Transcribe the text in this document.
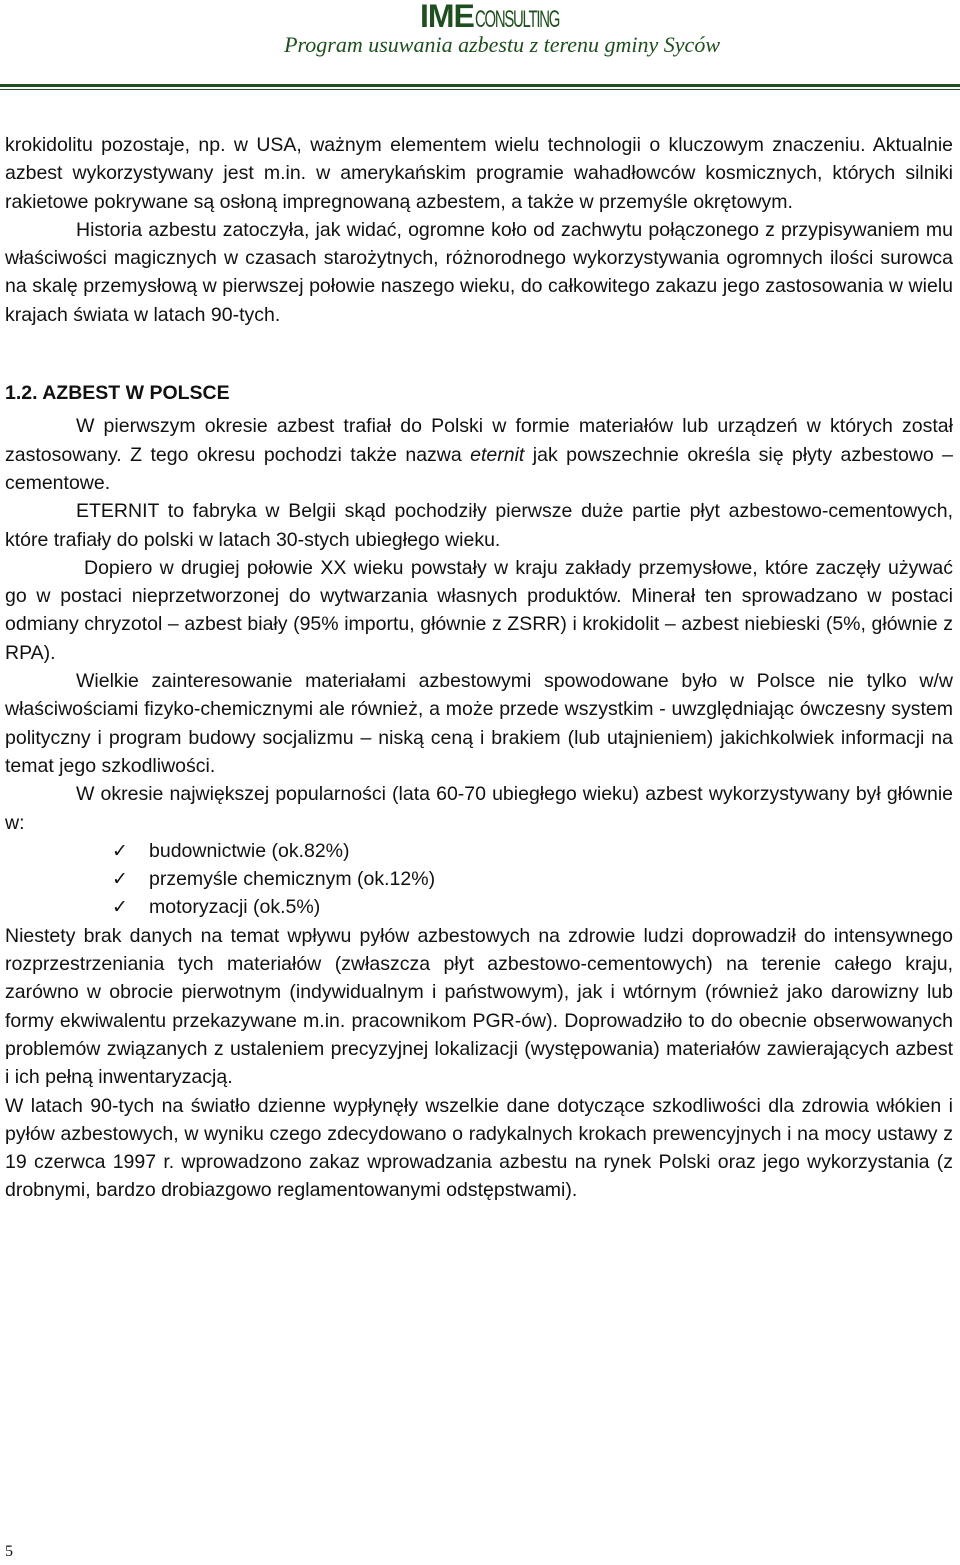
IMECONSULTING
Program usuwania azbestu z terenu gminy Syców

krokidolitu pozostaje, np. w USA, ważnym elementem wielu technologii o kluczowym znaczeniu. Aktualnie azbest wykorzystywany jest m.in. w amerykańskim programie wahadłowców kosmicznych, których silniki rakietowe pokrywane są osłoną impregnowaną azbestem, a także w przemyśle okrętowym.

Historia azbestu zatoczyła, jak widać, ogromne koło od zachwytu połączonego z przypisywaniem mu właściwości magicznych w czasach starożytnych, różnorodnego wykorzystywania ogromnych ilości surowca na skalę przemysłową w pierwszej połowie naszego wieku, do całkowitego zakazu jego zastosowania w wielu krajach świata w latach 90-tych.

1.2. AZBEST W POLSCE

W pierwszym okresie azbest trafiał do Polski w formie materiałów lub urządzeń w których został zastosowany. Z tego okresu pochodzi także nazwa eternit jak powszechnie określa się płyty azbestowo – cementowe.

ETERNIT to fabryka w Belgii skąd pochodziły pierwsze duże partie płyt azbestowo-cementowych, które trafiały do polski w latach 30-stych ubiegłego wieku.

Dopiero w drugiej połowie XX wieku powstały w kraju zakłady przemysłowe, które zaczęły używać go w postaci nieprzetworzonej do wytwarzania własnych produktów. Minerał ten sprowadzano w postaci odmiany chryzotol – azbest biały (95% importu, głównie z ZSRR) i krokidolit – azbest niebieski (5%, głównie z RPA).

Wielkie zainteresowanie materiałami azbestowymi spowodowane było w Polsce nie tylko w/w właściwościami fizyko-chemicznymi ale również, a może przede wszystkim - uwzględniając ówczesny system polityczny i program budowy socjalizmu – niską ceną i brakiem (lub utajnieniem) jakichkolwiek informacji na temat jego szkodliwości.

W okresie największej popularności (lata 60-70 ubiegłego wieku) azbest wykorzystywany był głównie w:

✓ budownictwie (ok.82%)
✓ przemyśle chemicznym (ok.12%)
✓ motoryzacji (ok.5%)

Niestety brak danych na temat wpływu pyłów azbestowych na zdrowie ludzi doprowadził do intensywnego rozprzestrzeniania tych materiałów (zwłaszcza płyt azbestowo-cementowych) na terenie całego kraju, zarówno w obrocie pierwotnym (indywidualnym i państwowym), jak i wtórnym (również jako darowizny lub formy ekwiwalentu przekazywane m.in. pracownikom PGR-ów). Doprowadziło to do obecnie obserwowanych problemów związanych z ustaleniem precyzyjnej lokalizacji (występowania) materiałów zawierających azbest i ich pełną inwentaryzacją.

W latach 90-tych na światło dzienne wypłynęły wszelkie dane dotyczące szkodliwości dla zdrowia włókien i pyłów azbestowych, w wyniku czego zdecydowano o radykalnych krokach prewencyjnych i na mocy ustawy z 19 czerwca 1997 r. wprowadzono zakaz wprowadzania azbestu na rynek Polski oraz jego wykorzystania (z drobnymi, bardzo drobiazgowo reglamentowanymi odstępstwami).

5
